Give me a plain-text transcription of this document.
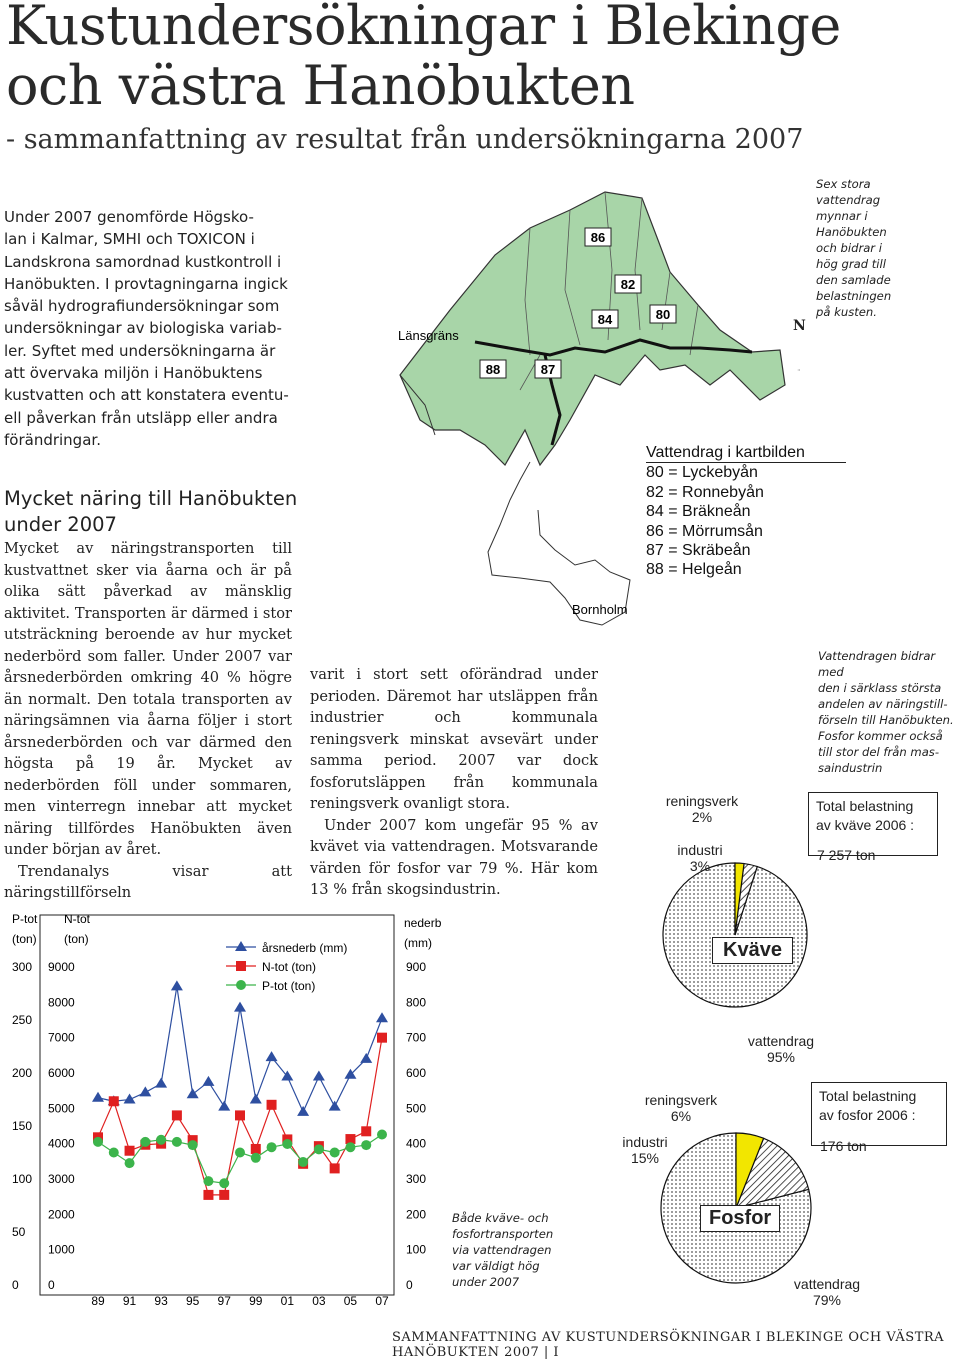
Kustundersökningar i Blekinge
och västra Hanöbukten
- sammanfattning av resultat från undersökningarna 2007
Under 2007 genomförde Högsko-
lan i Kalmar, SMHI och TOXICON i
Landskrona samordnad kustkontroll i
Hanöbukten. I provtagningarna ingick
såväl hydrografiundersökningar som
undersökningar av biologiska variab-
ler. Syftet med undersökningarna är
att övervaka miljön i Hanöbuktens
kustvatten och att konstatera eventu-
ell påverkan från utsläpp eller andra
förändringar.
Mycket näring till Hanöbukten
under 2007

Mycket av näringstransporten till kustvattnet sker via åarna och är på olika sätt påverkad av mänsklig aktivitet. Transporten är därmed i stor utsträckning beroende av hur mycket nederbörd som faller. Under 2007 var årsnederbörden omkring 40 % högre än normalt. Den totala transporten av näringsämnen via åarna följer i stort årsnederbörden och var därmed den högsta på 19 år. Mycket av nederbörden föll under sommaren, men vinterregn innebar att mycket näring tillfördes Hanöbukten även under början av året.

Trendanalys visar att näringstillförseln

varit i stort sett oförändrad under perioden. Däremot har utsläppen från industrier och kommunala reningsverk minskat avsevärt under samma period. 2007 var dock fosforutsläppen från kommunala reningsverk ovanligt stora.

Under 2007 kom ungefär 95 % av kvävet via vattendragen. Motsvarande värden för fosfor var 79 %. Här kom 13 % från skogsindustrin.

86
82
84	80
88	87
Länsgräns
Bornholm
N
Sex stora
vattendrag
mynnar i
Hanöbukten
och bidrar i
hög grad till
den samlade
belastningen
på kusten.
Vattendrag i kartbilden
80 = Lyckebyån
82 = Ronnebyån
84 = Bräkneån
86 = Mörrumsån
87 = Skräbeån
88 = Helgeån
Vattendragen bidrar med
den i särklass största
andelen av näringstill-
förseln till Hanöbukten.
Fosfor kommer också
till stor del från mas-
saindustrin
Kväve
reningsverk
2%
industri
3%
vattendrag
95%
Total belastning
av kväve 2006 :
7 257 ton
Fosfor
reningsverk
6%
industri
15%
vattendrag
79%
Total belastning
av fosfor 2006 :
176 ton
Både kväve- och
fosfortransporten
via vattendragen
var väldigt hög
under 2007
P-tot
(ton)
N-tot
(ton)
nederb
(mm)
0
50
100
150
200
250
300
0
1000
2000
3000
4000
5000
6000
7000
8000
9000
0
100
200
300
400
500
600
700
800
900
89 91 93 95 97 99 01 03 05 07
årsnederb (mm)
N-tot (ton)
P-tot (ton)
SAMMANFATTNING AV KUSTUNDERSÖKNINGAR I BLEKINGE OCH VÄSTRA HANÖBUKTEN 2007 | I
